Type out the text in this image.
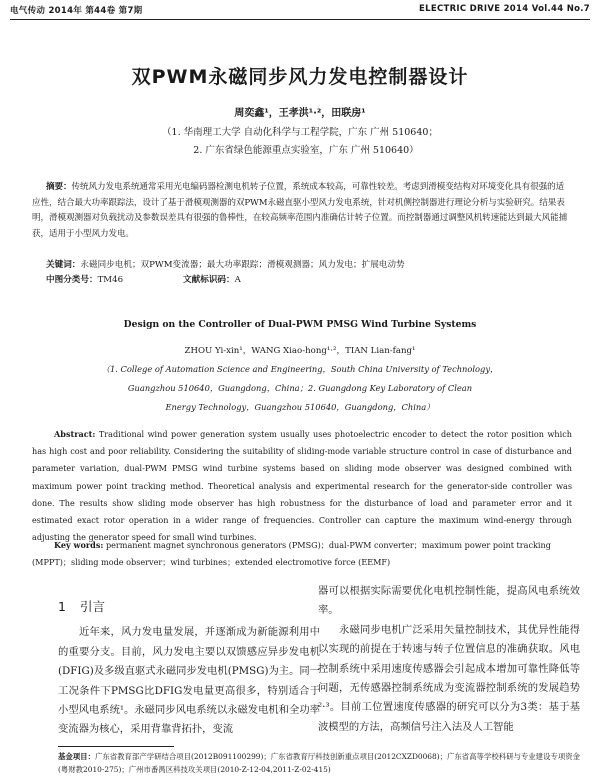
电气传动 2014年 第44卷 第7期	ELECTRIC DRIVE 2014 Vol.44 No.7
双PWM永磁同步风力发电控制器设计
周奕鑫¹，王孝洪¹·²，田联房¹
（1. 华南理工大学 自动化科学与工程学院，广东 广州 510640；
2. 广东省绿色能源重点实验室，广东 广州 510640）

摘要：传统风力发电系统通常采用光电编码器检测电机转子位置，系统成本较高，可靠性较差。考虑到滑模变结构对环境变化具有很强的适应性，结合最大功率跟踪法，设计了基于滑模观测器的双PWM永磁直驱小型风力发电系统，针对机侧控制器进行理论分析与实验研究。结果表明，滑模观测器对负载扰动及参数误差具有很强的鲁棒性，在较高频率范围内准确估计转子位置。而控制器通过调整风机转速能达到最大风能捕获，适用于小型风力发电。

关键词：永磁同步电机；双PWM变流器；最大功率跟踪；滑模观测器；风力发电；扩展电动势

中图分类号：TM46	文献标识码：A

Design on the Controller of Dual-PWM PMSG Wind Turbine Systems
ZHOU Yi-xin¹，WANG Xiao-hong¹·²，TIAN Lian-fang¹
（1. College of Automation Science and Engineering，South China University of Technology，
Guangzhou 510640，Guangdong，China；2. Guangdong Key Laboratory of Clean
Energy Technology，Guangzhou 510640，Guangdong，China）

Abstract: Traditional wind power generation system usually uses photoelectric encoder to detect the rotor position which has high cost and poor reliability. Considering the suitability of sliding-mode variable structure control in case of disturbance and parameter variation, dual-PWM PMSG wind turbine systems based on sliding mode observer was designed combined with maximum power point tracking method. Theoretical analysis and experimental research for the generator-side controller was done. The results show sliding mode observer has high robustness for the disturbance of load and parameter error and it estimated exact rotor operation in a wider range of frequencies. Controller can capture the maximum wind-energy through adjusting the generator speed for small wind turbines.

Key words: permanent magnet synchronous generators (PMSG)；dual-PWM converter；maximum power point tracking (MPPT)；sliding mode observer；wind turbines；extended electromotive force (EEMF)

1 引言

近年来，风力发电量发展，并逐渐成为新能源利用中的重要分支。目前，风力发电主要以双馈感应异步发电机(DFIG)及多级直驱式永磁同步发电机(PMSG)为主。同一工况条件下PMSG比DFIG发电量更高很多，特别适合于小型风电系统¹。永磁同步风电系统以永磁发电机和全功率变流器为核心，采用背靠背拓扑，变流

器可以根据实际需要优化电机控制性能，提高风电系统效率。

永磁同步电机广泛采用矢量控制技术，其优异性能得以实现的前提在于转速与转子位置信息的准确获取。风电控制系统中采用速度传感器会引起成本增加可靠性降低等问题，无传感器控制系统成为变流器控制系统的发展趋势²·³。目前工位置速度传感器的研究可以分为3类：基于基波模型的方法，高频信号注入法及人工智能

基金项目：广东省教育部产学研结合项目(2012B091100299)；广东省教育厅科技创新重点项目(2012CXZD0068)；广东省高等学校科研与专业建设专项资金(粤财教2010-275)；广州市番禺区科技攻关项目(2010-Z-12-04,2011-Z-02-415)
